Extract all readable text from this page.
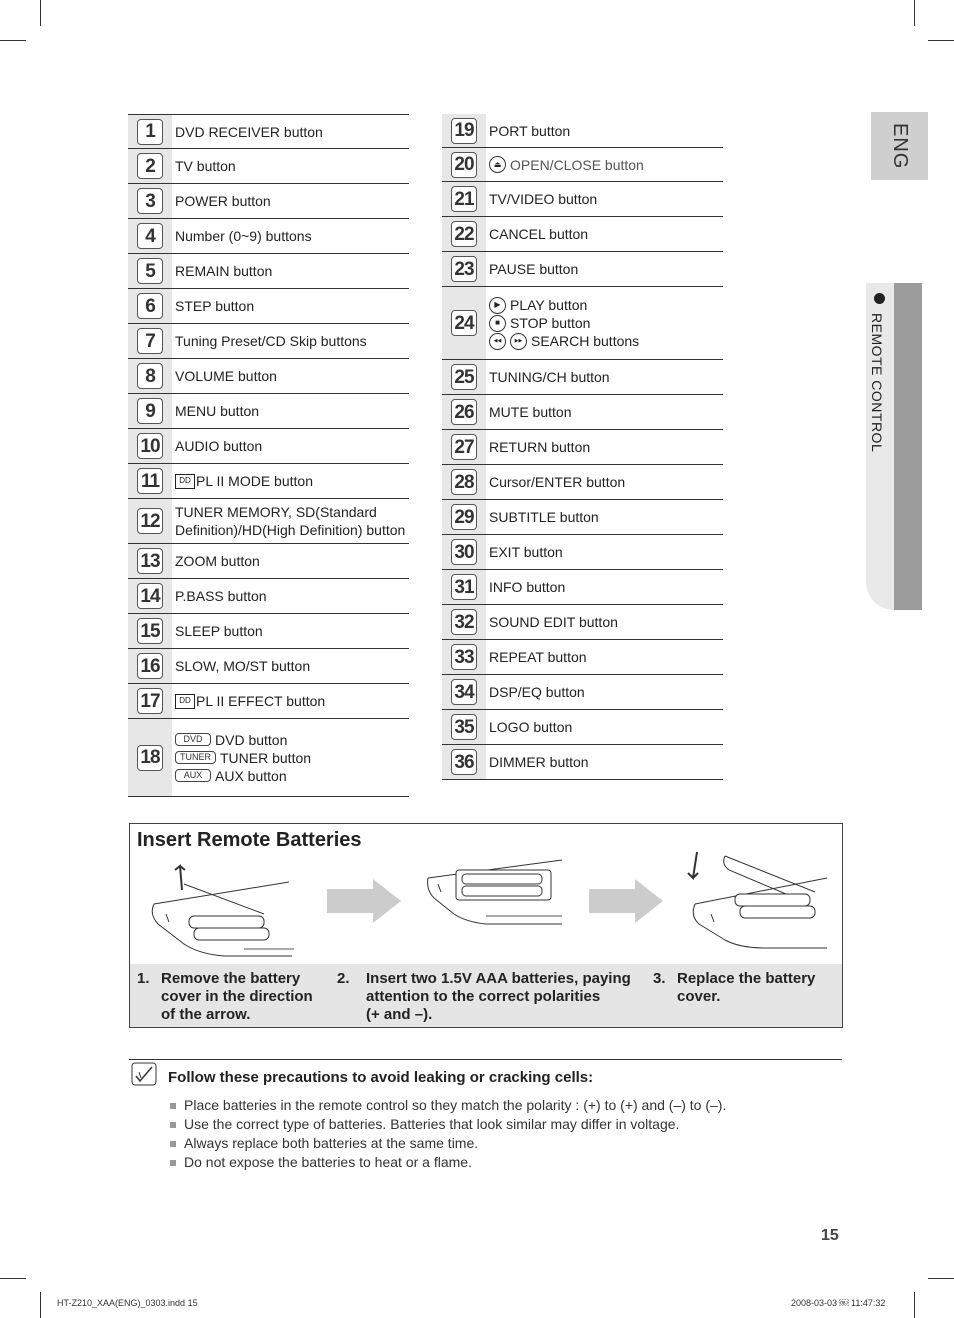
ENG
REMOTE CONTROL
1	DVD RECEIVER button
2	TV button
3	POWER button
4	Number (0~9) buttons
5	REMAIN button
6	STEP button
7	Tuning Preset/CD Skip buttons
8	VOLUME button
9	MENU button
10 AUDIO button
11	DD PL II MODE button
12 TUNER MEMORY, SD(Standard
Definition)/HD(High Definition) button
13 ZOOM button
14 P.BASS button
15 SLEEP button
16 SLOW, MO/ST button
17	DD PL II EFFECT button
18
DVD DVD button
TUNER TUNER button
AUX AUX button
19 PORT button
20	⏏ OPEN/CLOSE button
21 TV/VIDEO button
22 CANCEL button
23 PAUSE button
24
▶ PLAY button
■ STOP button
◀◀	▶▶ SEARCH buttons
25 TUNING/CH button
26 MUTE button
27 RETURN button
28 Cursor/ENTER button
29 SUBTITLE button
30 EXIT button
31 INFO button
32 SOUND EDIT button
33 REPEAT button
34 DSP/EQ button
35 LOGO button
36 DIMMER button
Insert Remote Batteries
1. Remove the battery
cover in the direction
of the arrow.
2.	Insert two 1.5V AAA batteries, paying
attention to the correct polarities
(+ and –).
3. Replace the battery
cover.
Follow these precautions to avoid leaking or cracking cells:
Place batteries in the remote control so they match the polarity : (+) to (+) and (–) to (–).
Use the correct type of batteries. Batteries that look similar may differ in voltage.
Always replace both batteries at the same time.
Do not expose the batteries to heat or a flame.
15
HT-Z210_XAA(ENG)_0303.indd 15	2008-03-03 ￼ 11:47:32
